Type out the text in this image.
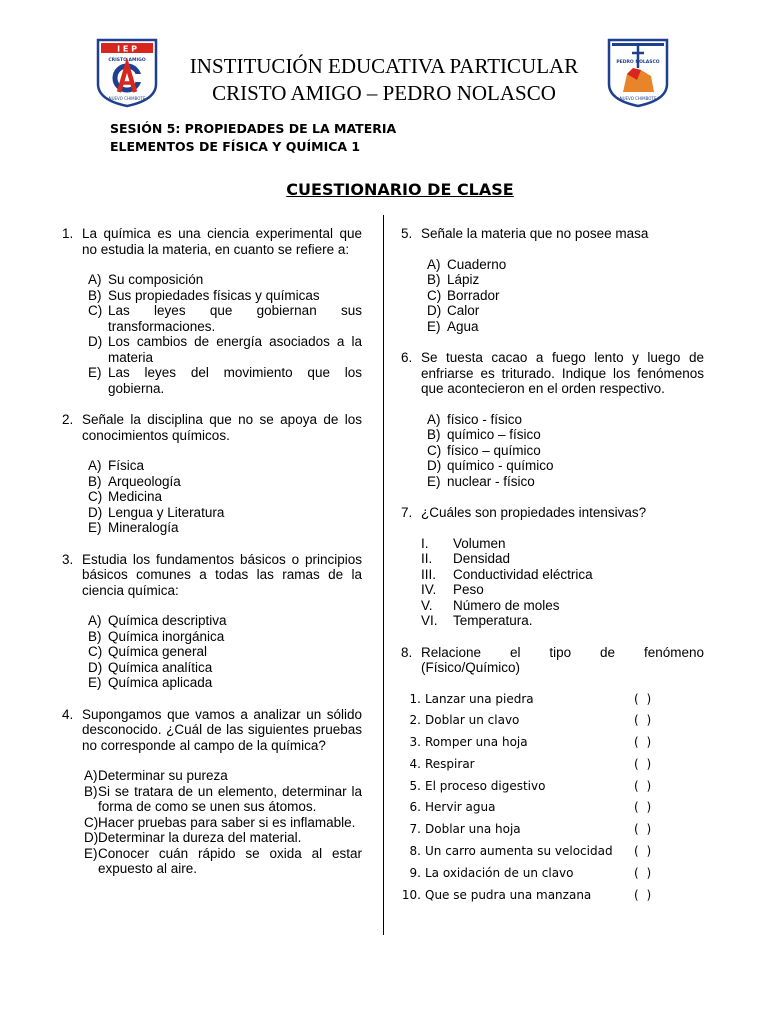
I E P
CRISTO AMIGO
NUEVO CHIMBOTE
INSTITUCIÓN EDUCATIVA PARTICULAR
CRISTO AMIGO – PEDRO NOLASCO
PEDRO NOLASCO
NUEVO CHIMBOTE
SESIÓN 5: PROPIEDADES DE LA MATERIA
ELEMENTOS DE FÍSICA Y QUÍMICA 1
CUESTIONARIO DE CLASE
1. La química es una ciencia experimental que no estudia la materia, en cuanto se refiere a:
A) Su composición
B) Sus propiedades físicas y químicas
C) Las leyes que gobiernan sus transformaciones.
D) Los cambios de energía asociados a la materia
E) Las leyes del movimiento que los gobierna.
2. Señale la disciplina que no se apoya de los conocimientos químicos.
A) Física
B) Arqueología
C) Medicina
D) Lengua y Literatura
E) Mineralogía
3. Estudia los fundamentos básicos o principios básicos comunes a todas las ramas de la ciencia química:
A) Química descriptiva
B) Química inorgánica
C) Química general
D) Química analítica
E) Química aplicada
4. Supongamos que vamos a analizar un sólido desconocido. ¿Cuál de las siguientes pruebas no corresponde al campo de la química?
A) Determinar su pureza
B) Si se tratara de un elemento, determinar la forma de como se unen sus átomos.
C) Hacer pruebas para saber si es inflamable.
D) Determinar la dureza del material.
E) Conocer cuán rápido se oxida al estar expuesto al aire.
5. Señale la materia que no posee masa
A) Cuaderno
B) Lápiz
C) Borrador
D) Calor
E) Agua
6. Se tuesta cacao a fuego lento y luego de enfriarse es triturado. Indique los fenómenos que acontecieron en el orden respectivo.
A) físico - físico
B) químico – físico
C) físico – químico
D) químico - químico
E) nuclear - físico
7. ¿Cuáles son propiedades intensivas?
I.	Volumen
II.	Densidad
III.	Conductividad eléctrica
IV.	Peso
V.	Número de moles
VI.	Temperatura.
8. Relacione el tipo de fenómeno (Físico/Químico)
1. Lanzar una piedra	( )
2. Doblar un clavo	( )
3. Romper una hoja	( )
4. Respirar	( )
5. El proceso digestivo	( )
6. Hervir agua	( )
7. Doblar una hoja	( )
8. Un carro aumenta su velocidad ( )
9. La oxidación de un clavo	( )
10. Que se pudra una manzana	( )
